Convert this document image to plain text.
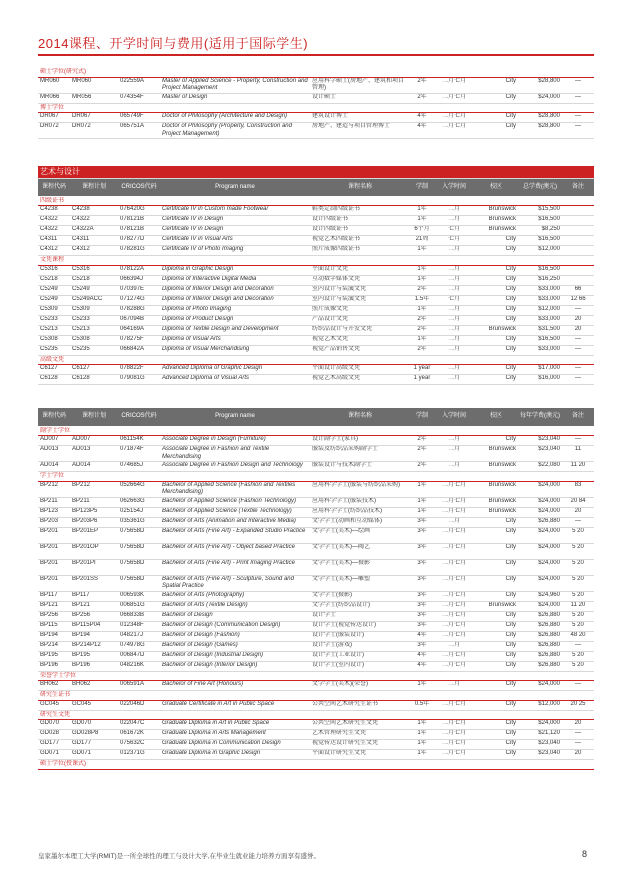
2014课程、开学时间与费用(适用于国际学生)
硕士学位(研究式)									
MR060	MR060	022559A	Master of Applied Science - Property, Construction and Project Management	应用科学硕士(房地产、建筑和项目管理)	2年	二月七月	City	$28,800	—
MR066	MR056	074354F	Master of Design	设计硕士	2年	二月七月	City	$24,000	—
博士学位									
DR067	DR067	065749F	Doctor of Philosophy (Architecture and Design)	建筑设计博士	4年	二月七月	City	$28,800	—
DR072	DR072	065751A	Doctor of Philosophy (Property, Construction and Project Management)	房地产、建造与项目管理博士	4年	二月七月	City	$28,800	—
艺术与设计									
课程代码	课程计划	CRICOS代码	Program name	课程名称	学制	入学时间	校区	总学费(澳元)	备注
四级证书									
C4238	C4238	076420G	Certificate IV in Custom made Footwear	鞋类定制四级证书	1年	二月	Brunswick	$15,500	
C4322	C4322	078121B	Certificate IV in Design	设计四级证书	1年	二月	Brunswick	$16,500	
C4322	C4322A	078121B	Certificate IV in Design	设计四级证书	6个月	七月	Brunswick	$8,250	
C4311	C4311	078277D	Certificate IV in Visual Arts	视觉艺术四级证书	21周	七月	City	$16,500	
C4312	C4312	078281G	Certificate IV of Photo Imaging	照片成像四级证书	1年	二月	City	$12,000	
文凭课程									
C5316	C5316	078122A	Diploma in Graphic Design	平面设计文凭	1年	二月	City	$16,500	
C5218	C5218	066394J	Diploma of Interactive Digital Media	互动数字媒体文凭	1年	二月	City	$16,250	
C5249	C5249	070397E	Diploma of Interior Design and Decoration	室内设计与装潢文凭	2年	二月	City	$33,000	66
C5249	C5249ACC	071274G	Diploma of Interior Design and Decoration	室内设计与装潢文凭	1.5年	七月	City	$33,000	12 66
C5309	C5309	078288G	Diploma of Photo Imaging	照片成像文凭	1年	二月	City	$12,000	—
C5233	C5233	067094B	Diploma of Product Design	产品设计文凭	2年	二月	City	$33,000	20
C5213	C5213	064169A	Diploma of Textile Design and Development	纺织品设计与开发文凭	2年	二月	Brunswick	$31,500	20
C5308	C5308	078275F	Diploma of Visual Arts	视觉艺术文凭	1年	二月	City	$16,500	—
C5235	C5235	066842A	Diploma of Visual Merchandising	视觉产品销售文凭	2年	二月	City	$33,000	—
高级文凭									
C6127	C6127	078822F	Advanced Diploma of Graphic Design	平面设计高级文凭	1 year	二月	City	$17,000	—
C6128	C6128	079081G	Advanced Diploma of Visual Arts	视觉艺术高级文凭	1 year	二月	City	$16,000	—
课程代码	课程计划	CRICOS代码	Program name	课程名称	学制	入学时间	校区	每年学费(澳元)	备注
副学士学位									
AD007	AD007	061154K	Associate Degree in Design (Furniture)	设计副学士(家具)	2年	二月	City	$23,040	—
AD013	AD013	071874F	Associate Degree in Fashion and Textile Merchandising	服装及纺织品采购副学士	2年	二月	Brunswick	$23,040	11
AD014	AD014	074685J	Associate Degree in Fashion Design and Technology	服装设计与技术副学士	2年	二月	Brunswick	$22,080	11 20
学士学位									
BP212	BP212	052664G	Bachelor of Applied Science (Fashion and Textiles Merchandising)	应用科学学士(服装与纺织品采购)	1年	二月七月	Brunswick	$24,000	83
BP211	BP211	062663G	Bachelor of Applied Science (Fashion Technology)	应用科学学士(服装技术)	1年	二月七月	Brunswick	$24,000	20 84
BP123	BP123P5	025154J	Bachelor of Applied Science (Textile Technology)	应用科学学士(纺织品技术)	1年	二月七月	Brunswick	$24,000	20
BP203	BP203P6	035361G	Bachelor of Arts (Animation and Interactive Media)	文学学士(动画和互动媒体)	3年	二月	City	$26,880	—
BP201	BP201EP	075658D	Bachelor of Arts (Fine Art) - Expanded Studio Practice	文学学士(美术)—绘画	3年	二月七月	City	$24,000	5 20
BP201	BP201OP	075658D	Bachelor of Arts (Fine Art) - Object based Practice	文学学士(美术)—陶艺	3年	二月七月	City	$24,000	5 20
BP201	BP201PI	075658D	Bachelor of Arts (Fine Art) - Print Imaging Practice	文学学士(美术)—摄影	3年	二月七月	City	$24,000	5 20
BP201	BP201SS	075658D	Bachelor of Arts (Fine Art) - Sculpture, Sound and Spatial Practice	文学学士(美术)—雕塑	3年	二月七月	City	$24,000	5 20
BP117	BP117	006593K	Bachelor of Arts (Photography)	文学学士(摄影)	3年	二月七月	City	$24,960	5 20
BP121	BP121	006851G	Bachelor of Arts (Textile Design)	文学学士(纺织品设计)	3年	二月七月	Brunswick	$24,000	11 20
BP256	BP256	066833B	Bachelor of Design	设计学士	3年	二月七月	City	$26,880	5 20
BP115	BP115P04	012348F	Bachelor of Design (Communication Design)	设计学士(视觉传达设计)	3年	二月七月	City	$26,880	5 20
BP194	BP194	048217J	Bachelor of Design (Fashion)	设计学士(服装设计)	4年	二月七月	City	$26,880	48 20
BP214	BP214P12	074978G	Bachelor of Design (Games)	设计学士(游戏)	3年	二月	City	$26,880	—
BP195	BP195	006847D	Bachelor of Design (Industrial Design)	设计学士(工业设计)	4年	二月七月	City	$26,880	5 20
BP196	BP196	048216K	Bachelor of Design (Interior Design)	设计学士(室内设计)	4年	二月七月	City	$26,880	5 20
荣誉学士学位									
BH062	BH062	006591A	Bachelor of Fine Art (Honours)	文学学士(美术)(荣誉)	1年	二月	City	$24,000	—
研究生证书									
GC045	GC045	022046D	Graduate Certificate in Art in Public Space	公共空间艺术研究生证书	0.5年	二月七月	City	$12,000	20 25
研究生文凭									
GD070	GD070	022047C	Graduate Diploma in Art in Public Space	公共空间艺术研究生文凭	1年	二月七月	City	$24,000	20
GD028	GD028P8	061672K	Graduate Diploma in Arts Management	艺术管理研究生文凭	1年	二月七月	City	$21,120	—
GD177	GD177	075632C	Graduate Diploma in Communication Design	视觉传达设计研究生文凭	1年	二月七月	City	$23,040	—
GD071	GD071	012371G	Graduate Diploma in Graphic Design	平面设计研究生文凭	1年	二月七月	City	$23,040	20
硕士学位(授课式)									
皇家墨尔本理工大学(RMIT)是一所全球性的理工与设计大学,在毕业生就业能力培养方面享有盛誉。	8
